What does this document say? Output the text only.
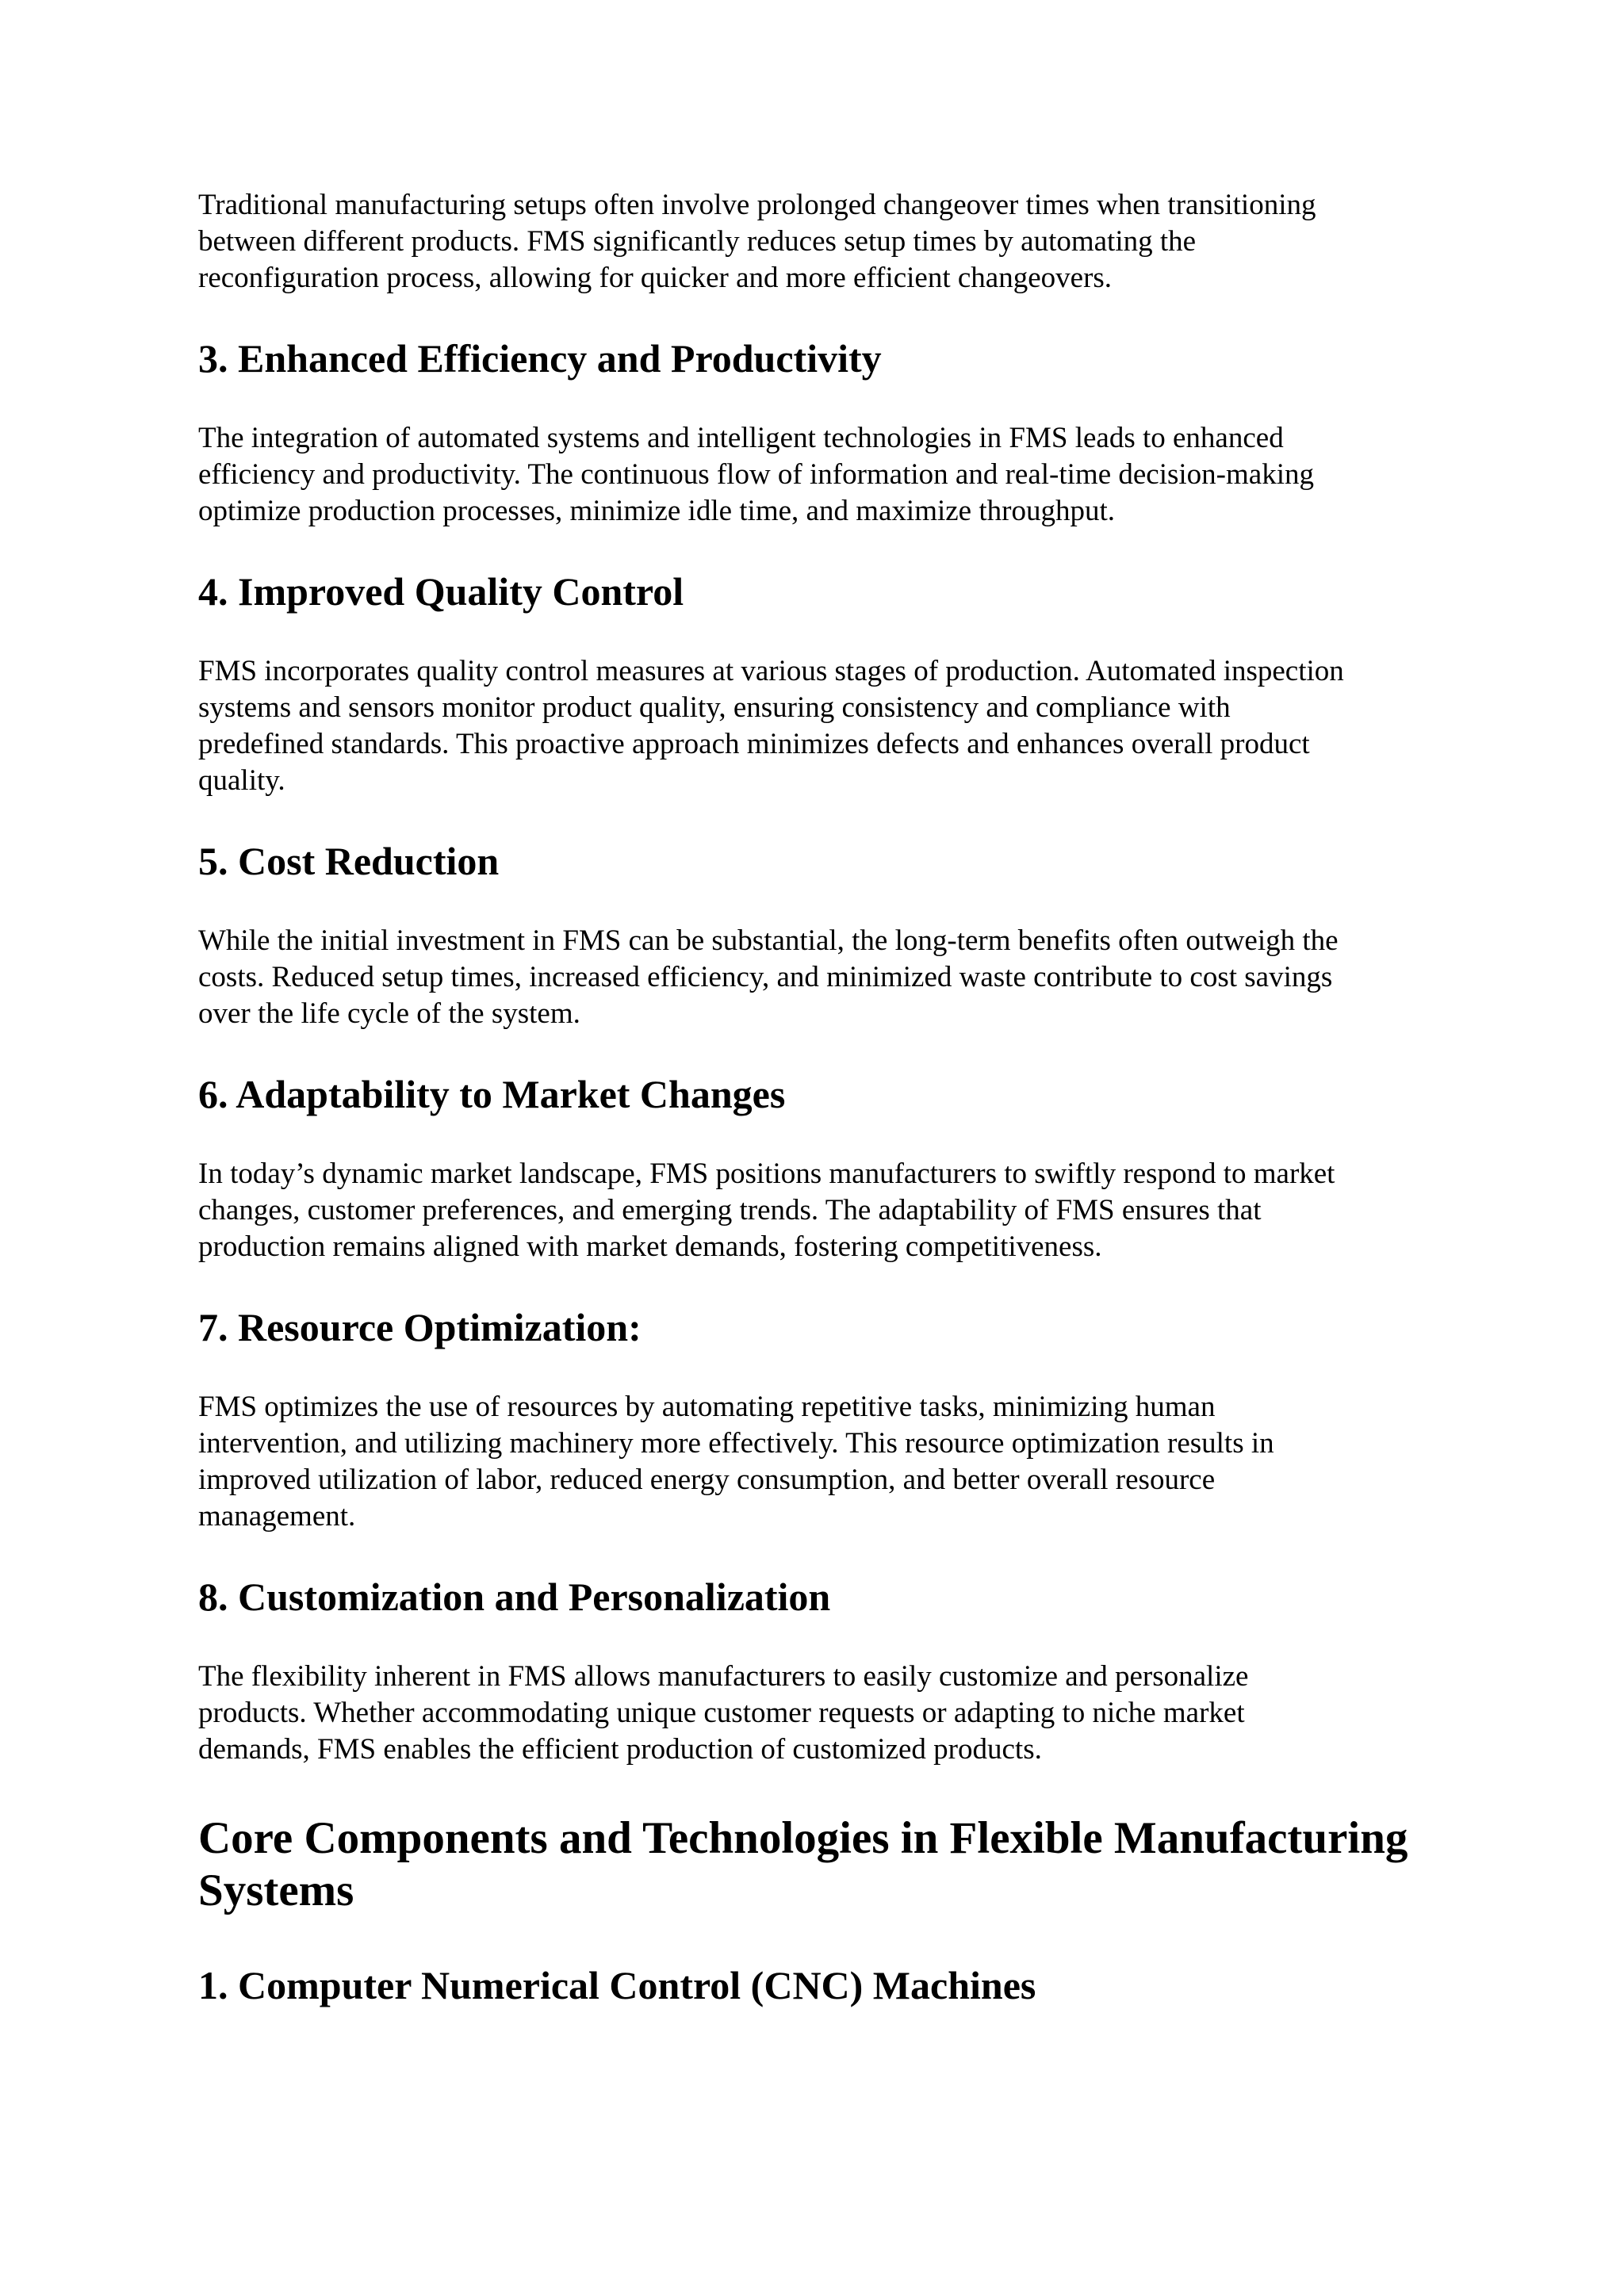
Traditional manufacturing setups often involve prolonged changeover times when transitioning
between different products. FMS significantly reduces setup times by automating the
reconfiguration process, allowing for quicker and more efficient changeovers.

3. Enhanced Efficiency and Productivity

The integration of automated systems and intelligent technologies in FMS leads to enhanced
efficiency and productivity. The continuous flow of information and real-time decision-making
optimize production processes, minimize idle time, and maximize throughput.

4. Improved Quality Control

FMS incorporates quality control measures at various stages of production. Automated inspection
systems and sensors monitor product quality, ensuring consistency and compliance with
predefined standards. This proactive approach minimizes defects and enhances overall product
quality.

5. Cost Reduction

While the initial investment in FMS can be substantial, the long-term benefits often outweigh the
costs. Reduced setup times, increased efficiency, and minimized waste contribute to cost savings
over the life cycle of the system.

6. Adaptability to Market Changes

In today’s dynamic market landscape, FMS positions manufacturers to swiftly respond to market
changes, customer preferences, and emerging trends. The adaptability of FMS ensures that
production remains aligned with market demands, fostering competitiveness.

7. Resource Optimization:

FMS optimizes the use of resources by automating repetitive tasks, minimizing human
intervention, and utilizing machinery more effectively. This resource optimization results in
improved utilization of labor, reduced energy consumption, and better overall resource
management.

8. Customization and Personalization

The flexibility inherent in FMS allows manufacturers to easily customize and personalize
products. Whether accommodating unique customer requests or adapting to niche market
demands, FMS enables the efficient production of customized products.

Core Components and Technologies in Flexible Manufacturing
Systems
1. Computer Numerical Control (CNC) Machines
